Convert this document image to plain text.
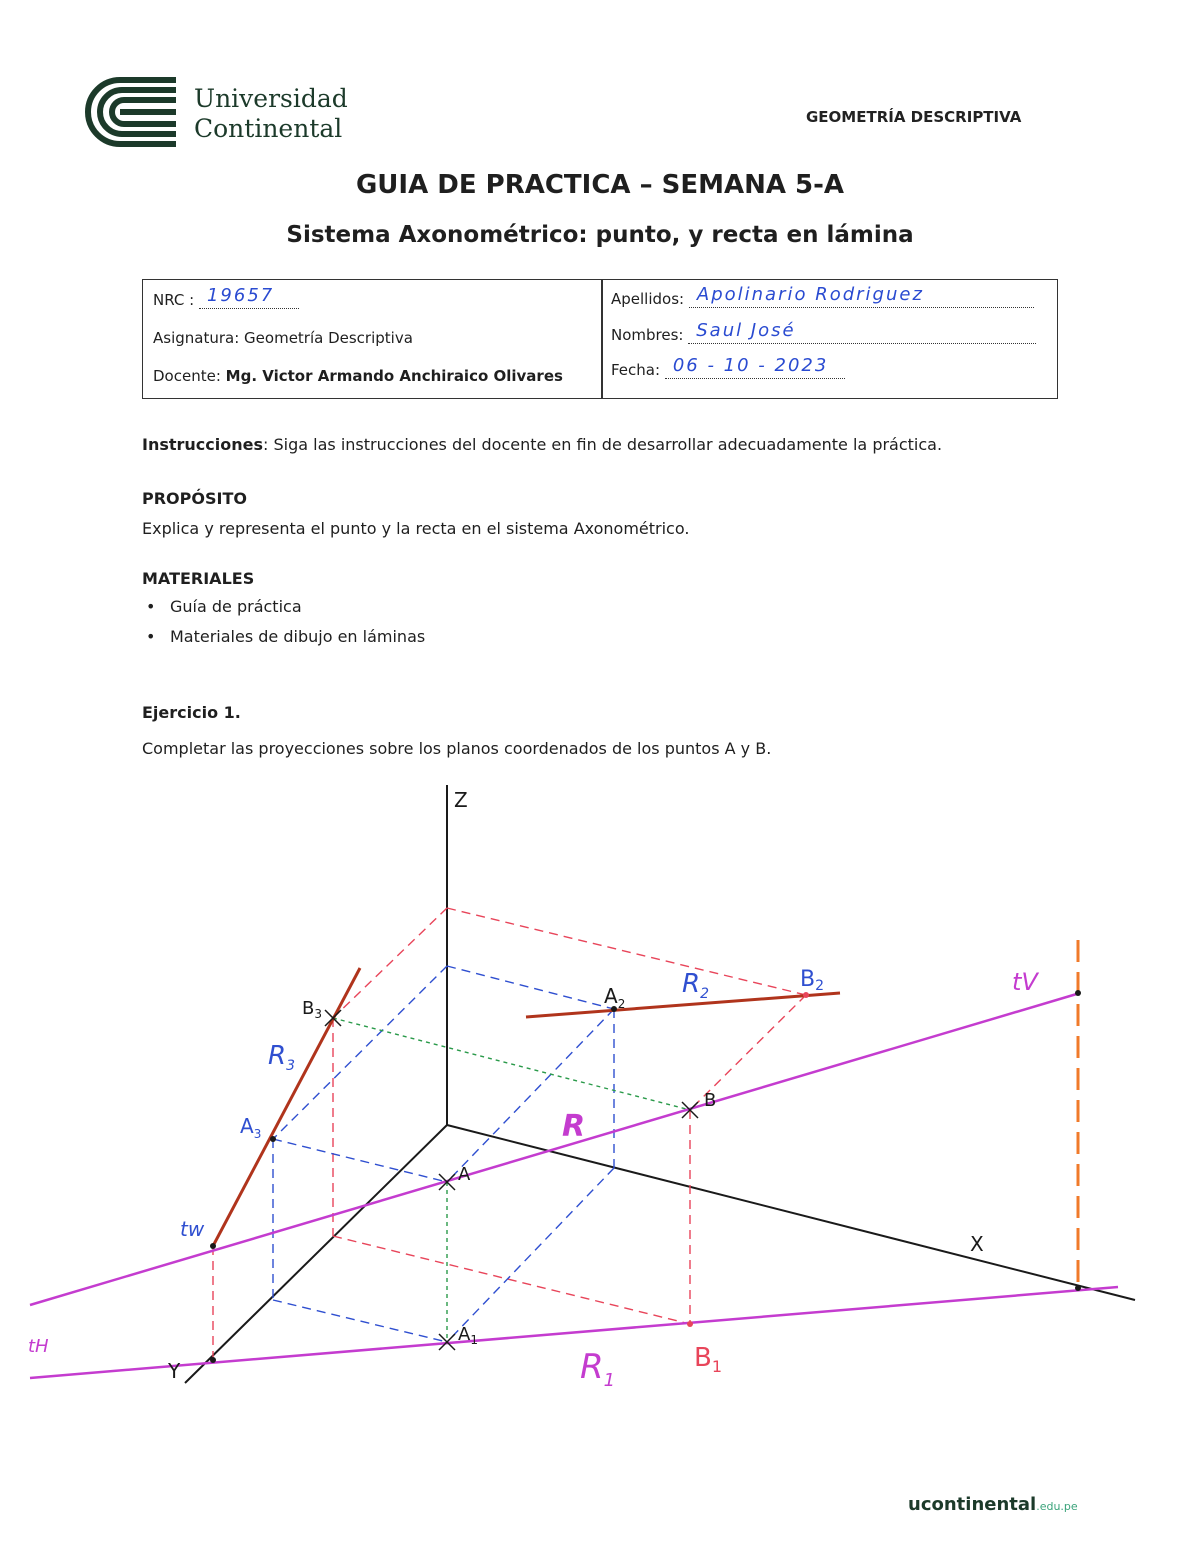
Universidad
Continental	GEOMETRÍA DESCRIPTIVA
GUIA DE PRACTICA – SEMANA 5-A
Sistema Axonométrico: punto, y recta en lámina
NRC : 19657
Asignatura: Geometría Descriptiva
Docente: Mg. Victor Armando Anchiraico Olivares
Apellidos: Apolinario Rodriguez
Nombres: Saul José
Fecha: 06 - 10 - 2023
Instrucciones: Siga las instrucciones del docente en fin de desarrollar adecuadamente la práctica.
PROPÓSITO
Explica y representa el punto y la recta en el sistema Axonométrico.
MATERIALES
• Guía de práctica
• Materiales de dibujo en láminas
Ejercicio 1.
Completar las proyecciones sobre los planos coordenados de los puntos A y B.
Z
X
Y
A
B
$A_1$
$A_2$
$A_3$
$B_1$
B2
$B_3$
R
$R_1$
$R_2$
$R_3$
tV
tH
tw
ucontinental.edu.pe
